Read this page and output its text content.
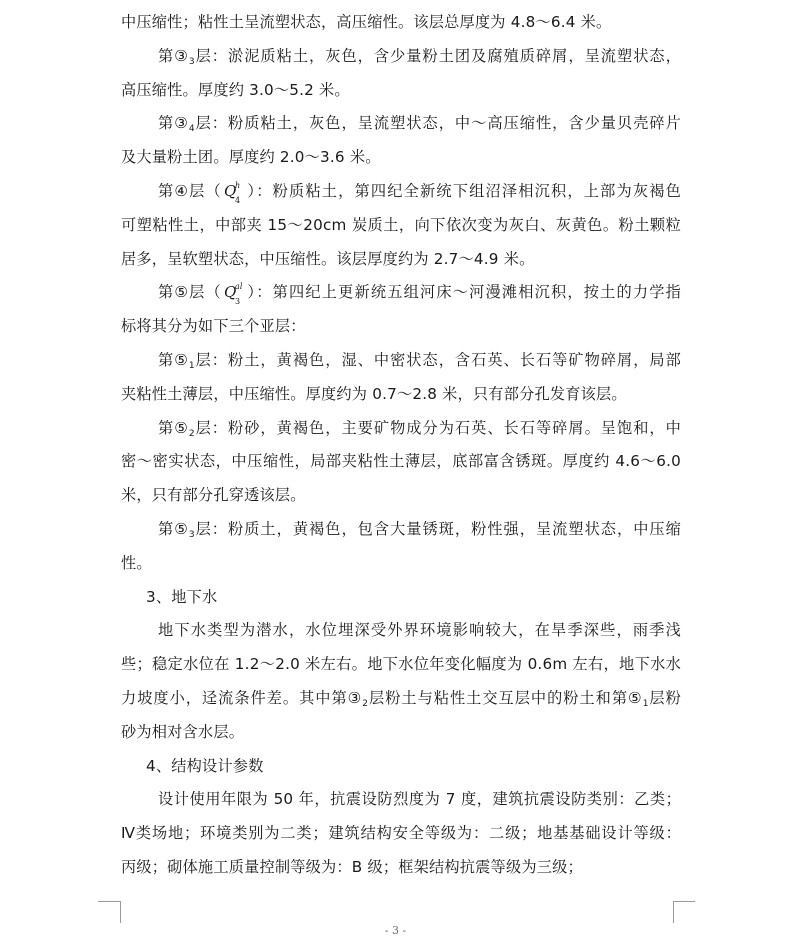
中压缩性；粘性土呈流塑状态，高压缩性。该层总厚度为 4.8～6.4 米。
第$③_3$层：淤泥质粘土，灰色，含少量粉土团及腐殖质碎屑，呈流塑状态，
高压缩性。厚度约 3.0～5.2 米。
第$③_4$层：粉质粘土，灰色，呈流塑状态，中～高压缩性，含少量贝壳碎片
及大量粉土团。厚度约 2.0～3.6 米。
第④层（ Q
h
4
）：粉质粘土，第四纪全新统下组沼泽相沉积，上部为灰褐色
可塑粘性土，中部夹 15～20cm 炭质土，向下依次变为灰白、灰黄色。粉土颗粒
居多，呈软塑状态，中压缩性。该层厚度约为 2.7～4.9 米。
第⑤层（ Q
al
3
）：第四纪上更新统五组河床～河漫滩相沉积，按土的力学指
标将其分为如下三个亚层：
第$⑤_1$层：粉土，黄褐色，湿、中密状态，含石英、长石等矿物碎屑，局部
夹粘性土薄层，中压缩性。厚度约为 0.7～2.8 米，只有部分孔发育该层。
第$⑤_2$层：粉砂，黄褐色，主要矿物成分为石英、长石等碎屑。呈饱和，中
密～密实状态，中压缩性，局部夹粘性土薄层，底部富含锈斑。厚度约 4.6～6.0
米，只有部分孔穿透该层。
第$⑤_3$层：粉质土，黄褐色，包含大量锈斑，粉性强，呈流塑状态，中压缩
性。
3、地下水
地下水类型为潜水，水位埋深受外界环境影响较大，在旱季深些，雨季浅
些；稳定水位在 1.2～2.0 米左右。地下水位年变化幅度为 0.6m 左右，地下水水
力坡度小，迳流条件差。其中第$③_2$层粉土与粘性土交互层中的粉土和第$⑤_1$层粉
砂为相对含水层。
4、结构设计参数
设计使用年限为 50 年，抗震设防烈度为 7 度，建筑抗震设防类别：乙类；
Ⅳ类场地；环境类别为二类；建筑结构安全等级为：二级；地基基础设计等级：
丙级；砌体施工质量控制等级为：B 级；框架结构抗震等级为三级；
- 3 -
